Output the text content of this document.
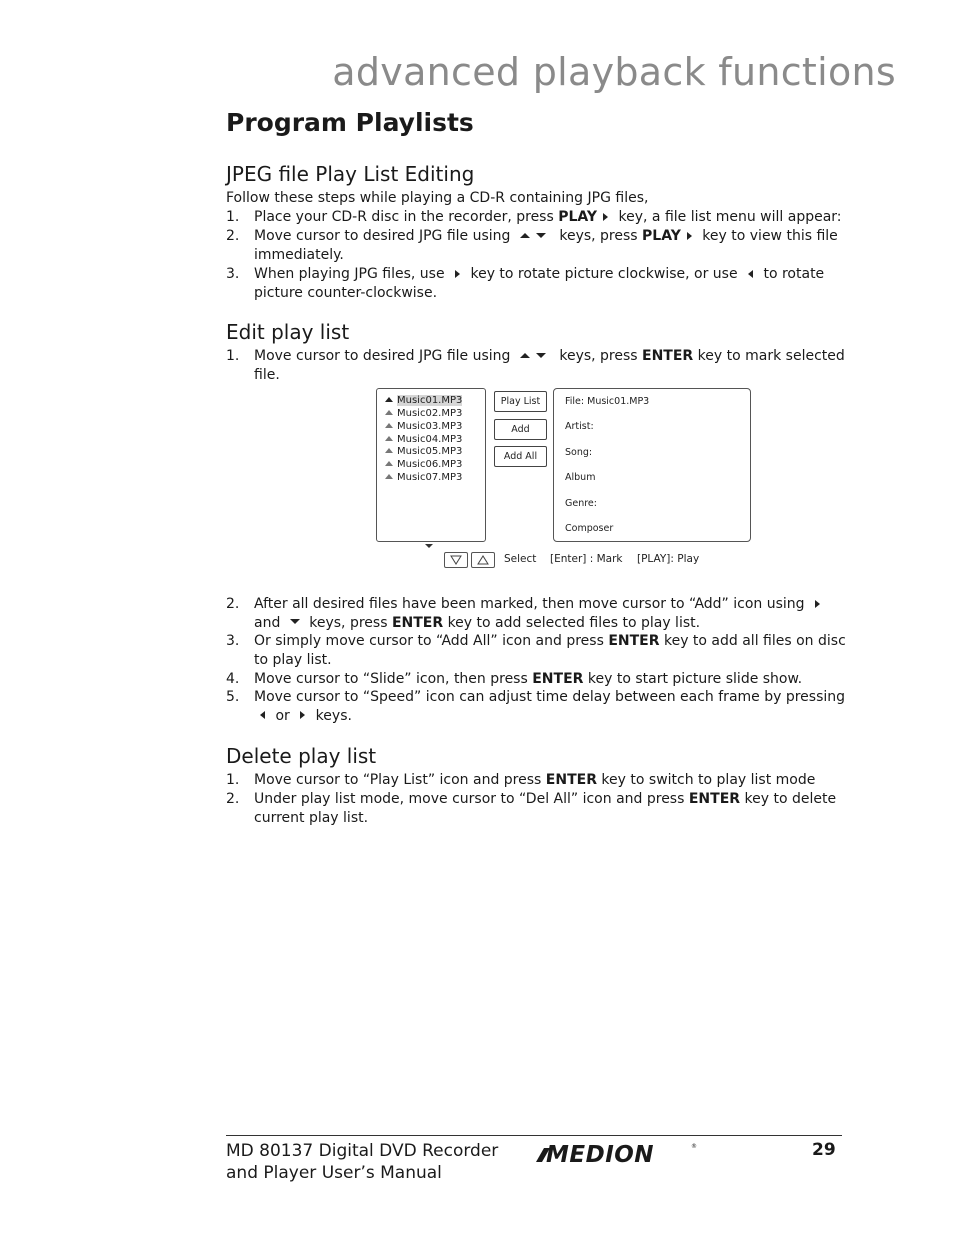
advanced playback functions
Program Playlists
JPEG file Play List Editing
Follow these steps while playing a CD-R containing JPG files,
1. Place your CD-R disc in the recorder, press PLAY key, a file list menu will appear:
2. Move cursor to desired JPG file using	keys, press PLAY key to view this file immediately.
3. When playing JPG files, use  key to rotate picture clockwise, or use  to rotate picture counter-clockwise.
Edit play list
1. Move cursor to desired JPG file using	keys, press ENTER key to mark selected file.
Music01.MP3
Music02.MP3
Music03.MP3
Music04.MP3
Music05.MP3
Music06.MP3
Music07.MP3
Play List
Add
Add All
File: Music01.MP3
Artist:
Song:
Album
Genre:
Composer
Select [Enter] : Mark [PLAY]: Play
2. After all desired files have been marked, then move cursor to “Add” icon using  and  keys, press ENTER key to add selected files to play list.
3. Or simply move cursor to “Add All” icon and press ENTER key to add all files on disc to play list.
4. Move cursor to “Slide” icon, then press ENTER key to start picture slide show.
5. Move cursor to “Speed” icon can adjust time delay between each frame by pressing  or  keys.
Delete play list
1. Move cursor to “Play List” icon and press ENTER key to switch to play list mode
2. Under play list mode, move cursor to “Del All” icon and press ENTER key to delete current play list.
MD 80137 Digital DVD Recorder
and Player User’s Manual
MEDION	®	29
